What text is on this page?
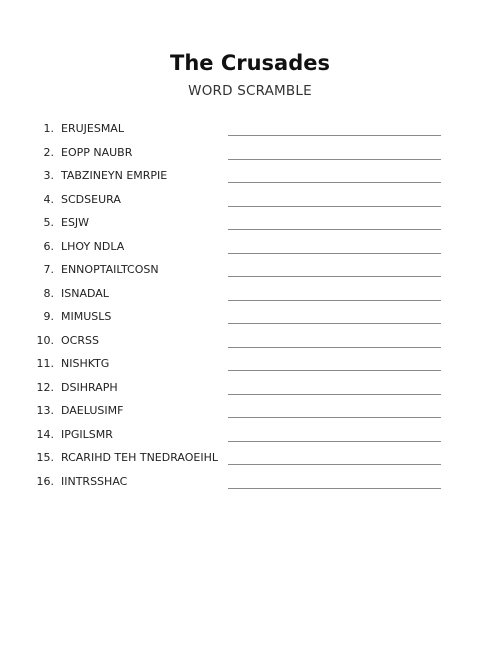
The Crusades
WORD SCRAMBLE
1. ERUJESMAL
2. EOPP NAUBR
3. TABZINEYN EMRPIE
4. SCDSEURA
5. ESJW
6. LHOY NDLA
7. ENNOPTAILTCOSN
8. ISNADAL
9. MIMUSLS
10. OCRSS
11. NISHKTG
12. DSIHRAPH
13. DAELUSIMF
14. IPGILSMR
15. RCARIHD TEH TNEDRAOEIHL
16. IINTRSSHAC
